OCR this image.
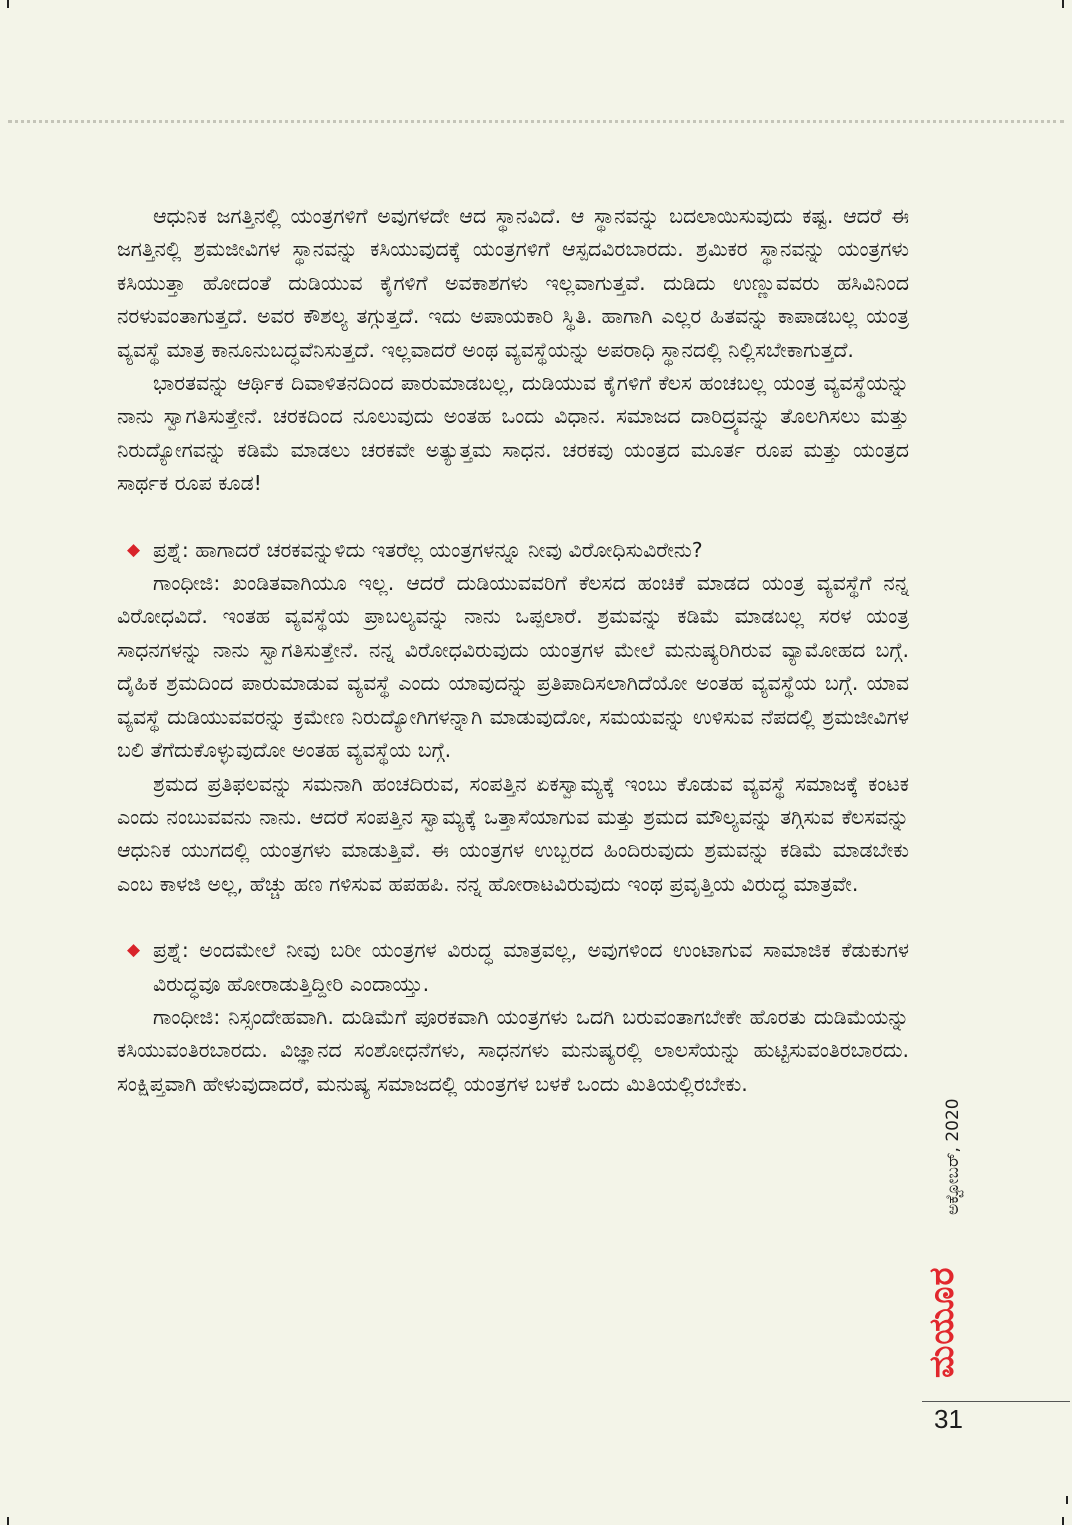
ಆಧುನಿಕ ಜಗತ್ತಿನಲ್ಲಿ ಯಂತ್ರಗಳಿಗೆ ಅವುಗಳದೇ ಆದ ಸ್ಥಾನವಿದೆ. ಆ ಸ್ಥಾನವನ್ನು ಬದಲಾಯಿಸುವುದು ಕಷ್ಟ. ಆದರೆ ಈ ಜಗತ್ತಿನಲ್ಲಿ ಶ್ರಮಜೀವಿಗಳ ಸ್ಥಾನವನ್ನು ಕಸಿಯುವುದಕ್ಕೆ ಯಂತ್ರಗಳಿಗೆ ಆಸ್ಪದವಿರಬಾರದು. ಶ್ರಮಿಕರ ಸ್ಥಾನವನ್ನು ಯಂತ್ರಗಳು ಕಸಿಯುತ್ತಾ ಹೋದಂತೆ ದುಡಿಯುವ ಕೈಗಳಿಗೆ ಅವಕಾಶಗಳು ಇಲ್ಲವಾಗುತ್ತವೆ. ದುಡಿದು ಉಣ್ಣುವವರು ಹಸಿವಿನಿಂದ ನರಳುವಂತಾಗುತ್ತದೆ. ಅವರ ಕೌಶಲ್ಯ ತಗ್ಗುತ್ತದೆ. ಇದು ಅಪಾಯಕಾರಿ ಸ್ಥಿತಿ. ಹಾಗಾಗಿ ಎಲ್ಲರ ಹಿತವನ್ನು ಕಾಪಾಡಬಲ್ಲ ಯಂತ್ರ ವ್ಯವಸ್ಥೆ ಮಾತ್ರ ಕಾನೂನುಬದ್ಧವೆನಿಸುತ್ತದೆ. ಇಲ್ಲವಾದರೆ ಅಂಥ ವ್ಯವಸ್ಥೆಯನ್ನು ಅಪರಾಧಿ ಸ್ಥಾನದಲ್ಲಿ ನಿಲ್ಲಿಸಬೇಕಾಗುತ್ತದೆ.

ಭಾರತವನ್ನು ಆರ್ಥಿಕ ದಿವಾಳಿತನದಿಂದ ಪಾರುಮಾಡಬಲ್ಲ, ದುಡಿಯುವ ಕೈಗಳಿಗೆ ಕೆಲಸ ಹಂಚಬಲ್ಲ ಯಂತ್ರ ವ್ಯವಸ್ಥೆಯನ್ನು ನಾನು ಸ್ವಾಗತಿಸುತ್ತೇನೆ. ಚರಕದಿಂದ ನೂಲುವುದು ಅಂತಹ ಒಂದು ವಿಧಾನ. ಸಮಾಜದ ದಾರಿದ್ರ್ಯವನ್ನು ತೊಲಗಿಸಲು ಮತ್ತು ನಿರುದ್ಯೋಗವನ್ನು ಕಡಿಮೆ ಮಾಡಲು ಚರಕವೇ ಅತ್ಯುತ್ತಮ ಸಾಧನ. ಚರಕವು ಯಂತ್ರದ ಮೂರ್ತ ರೂಪ ಮತ್ತು ಯಂತ್ರದ ಸಾರ್ಥಕ ರೂಪ ಕೂಡ!

◆ ಪ್ರಶ್ನೆ: ಹಾಗಾದರೆ ಚರಕವನ್ನುಳಿದು ಇತರೆಲ್ಲ ಯಂತ್ರಗಳನ್ನೂ ನೀವು ವಿರೋಧಿಸುವಿರೇನು?

ಗಾಂಧೀಜಿ: ಖಂಡಿತವಾಗಿಯೂ ಇಲ್ಲ. ಆದರೆ ದುಡಿಯುವವರಿಗೆ ಕೆಲಸದ ಹಂಚಿಕೆ ಮಾಡದ ಯಂತ್ರ ವ್ಯವಸ್ಥೆಗೆ ನನ್ನ ವಿರೋಧವಿದೆ. ಇಂತಹ ವ್ಯವಸ್ಥೆಯ ಪ್ರಾಬಲ್ಯವನ್ನು ನಾನು ಒಪ್ಪಲಾರೆ. ಶ್ರಮವನ್ನು ಕಡಿಮೆ ಮಾಡಬಲ್ಲ ಸರಳ ಯಂತ್ರ ಸಾಧನಗಳನ್ನು ನಾನು ಸ್ವಾಗತಿಸುತ್ತೇನೆ. ನನ್ನ ವಿರೋಧವಿರುವುದು ಯಂತ್ರಗಳ ಮೇಲೆ ಮನುಷ್ಯರಿಗಿರುವ ವ್ಯಾಮೋಹದ ಬಗ್ಗೆ. ದೈಹಿಕ ಶ್ರಮದಿಂದ ಪಾರುಮಾಡುವ ವ್ಯವಸ್ಥೆ ಎಂದು ಯಾವುದನ್ನು ಪ್ರತಿಪಾದಿಸಲಾಗಿದೆಯೋ ಅಂತಹ ವ್ಯವಸ್ಥೆಯ ಬಗ್ಗೆ. ಯಾವ ವ್ಯವಸ್ಥೆ ದುಡಿಯುವವರನ್ನು ಕ್ರಮೇಣ ನಿರುದ್ಯೋಗಿಗಳನ್ನಾಗಿ ಮಾಡುವುದೋ, ಸಮಯವನ್ನು ಉಳಿಸುವ ನೆಪದಲ್ಲಿ ಶ್ರಮಜೀವಿಗಳ ಬಲಿ ತೆಗೆದುಕೊಳ್ಳುವುದೋ ಅಂತಹ ವ್ಯವಸ್ಥೆಯ ಬಗ್ಗೆ.

ಶ್ರಮದ ಪ್ರತಿಫಲವನ್ನು ಸಮನಾಗಿ ಹಂಚದಿರುವ, ಸಂಪತ್ತಿನ ಏಕಸ್ವಾಮ್ಯಕ್ಕೆ ಇಂಬು ಕೊಡುವ ವ್ಯವಸ್ಥೆ ಸಮಾಜಕ್ಕೆ ಕಂಟಕ ಎಂದು ನಂಬುವವನು ನಾನು. ಆದರೆ ಸಂಪತ್ತಿನ ಸ್ವಾಮ್ಯಕ್ಕೆ ಒತ್ತಾಸೆಯಾಗುವ ಮತ್ತು ಶ್ರಮದ ಮೌಲ್ಯವನ್ನು ತಗ್ಗಿಸುವ ಕೆಲಸವನ್ನು ಆಧುನಿಕ ಯುಗದಲ್ಲಿ ಯಂತ್ರಗಳು ಮಾಡುತ್ತಿವೆ. ಈ ಯಂತ್ರಗಳ ಉಬ್ಬರದ ಹಿಂದಿರುವುದು ಶ್ರಮವನ್ನು ಕಡಿಮೆ ಮಾಡಬೇಕು ಎಂಬ ಕಾಳಜಿ ಅಲ್ಲ, ಹೆಚ್ಚು ಹಣ ಗಳಿಸುವ ಹಪಹಪಿ. ನನ್ನ ಹೋರಾಟವಿರುವುದು ಇಂಥ ಪ್ರವೃತ್ತಿಯ ವಿರುದ್ಧ ಮಾತ್ರವೇ.

◆ ಪ್ರಶ್ನೆ: ಅಂದಮೇಲೆ ನೀವು ಬರೀ ಯಂತ್ರಗಳ ವಿರುದ್ಧ ಮಾತ್ರವಲ್ಲ, ಅವುಗಳಿಂದ ಉಂಟಾಗುವ ಸಾಮಾಜಿಕ ಕೆಡುಕುಗಳ ವಿರುದ್ಧವೂ ಹೋರಾಡುತ್ತಿದ್ದೀರಿ ಎಂದಾಯ್ತು.

ಗಾಂಧೀಜಿ: ನಿಸ್ಸಂದೇಹವಾಗಿ. ದುಡಿಮೆಗೆ ಪೂರಕವಾಗಿ ಯಂತ್ರಗಳು ಒದಗಿ ಬರುವಂತಾಗಬೇಕೇ ಹೊರತು ದುಡಿಮೆಯನ್ನು ಕಸಿಯುವಂತಿರಬಾರದು. ವಿಜ್ಞಾನದ ಸಂಶೋಧನೆಗಳು, ಸಾಧನಗಳು ಮನುಷ್ಯರಲ್ಲಿ ಲಾಲಸೆಯನ್ನು ಹುಟ್ಟಿಸುವಂತಿರಬಾರದು. ಸಂಕ್ಷಿಪ್ತವಾಗಿ ಹೇಳುವುದಾದರೆ, ಮನುಷ್ಯ ಸಮಾಜದಲ್ಲಿ ಯಂತ್ರಗಳ ಬಳಕೆ ಒಂದು ಮಿತಿಯಲ್ಲಿರಬೇಕು.

ಅಕ್ಟೋಬರ್, 2020
ಮಯೂರ
31
